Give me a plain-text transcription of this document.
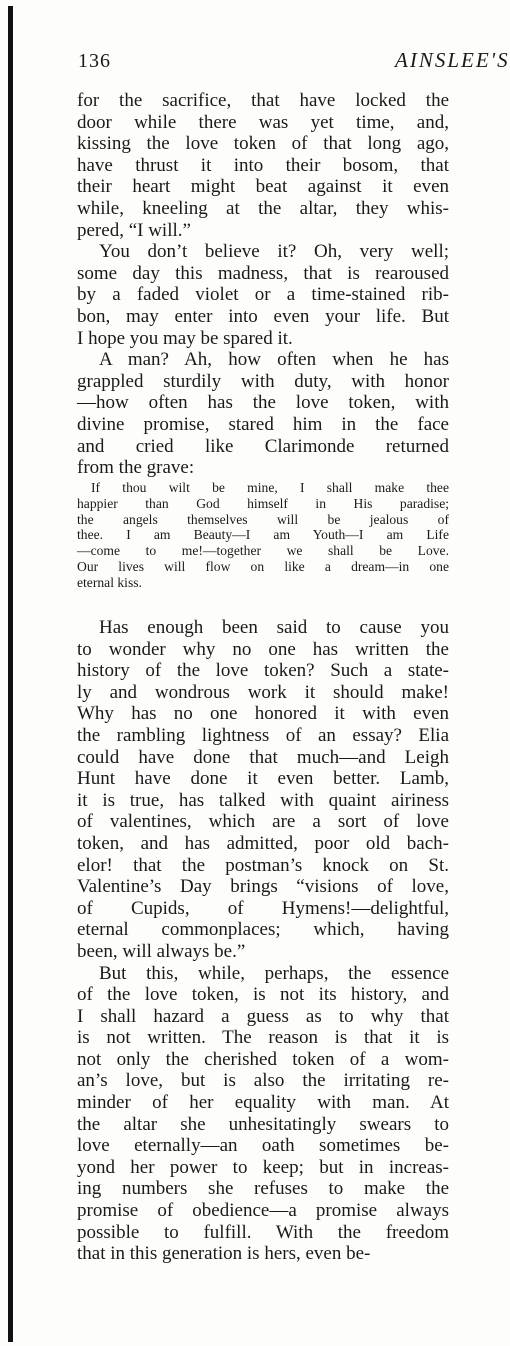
136	AINSLEE'S
for the sacrifice, that have locked the
door while there was yet time, and,
kissing the love token of that long ago,
have thrust it into their bosom, that
their heart might beat against it even
while, kneeling at the altar, they whis-
pered, “I will.”
You don’t believe it? Oh, very well;
some day this madness, that is rearoused
by a faded violet or a time-stained rib-
bon, may enter into even your life. But
I hope you may be spared it.
A man? Ah, how often when he has
grappled sturdily with duty, with honor
—how often has the love token, with
divine promise, stared him in the face
and cried like Clarimonde returned
from the grave:
If thou wilt be mine, I shall make thee
happier than God himself in His paradise;
the angels themselves will be jealous of
thee. I am Beauty—I am Youth—I am Life
—come to me!—together we shall be Love.
Our lives will flow on like a dream—in one
eternal kiss.
Has enough been said to cause you
to wonder why no one has written the
history of the love token? Such a state-
ly and wondrous work it should make!
Why has no one honored it with even
the rambling lightness of an essay? Elia
could have done that much—and Leigh
Hunt have done it even better. Lamb,
it is true, has talked with quaint airiness
of valentines, which are a sort of love
token, and has admitted, poor old bach-
elor! that the postman’s knock on St.
Valentine’s Day brings “visions of love,
of Cupids, of Hymens!—delightful,
eternal commonplaces; which, having
been, will always be.”
But this, while, perhaps, the essence
of the love token, is not its history, and
I shall hazard a guess as to why that
is not written. The reason is that it is
not only the cherished token of a wom-
an’s love, but is also the irritating re-
minder of her equality with man. At
the altar she unhesitatingly swears to
love eternally—an oath sometimes be-
yond her power to keep; but in increas-
ing numbers she refuses to make the
promise of obedience—a promise always
possible to fulfill. With the freedom
that in this generation is hers, even be-
